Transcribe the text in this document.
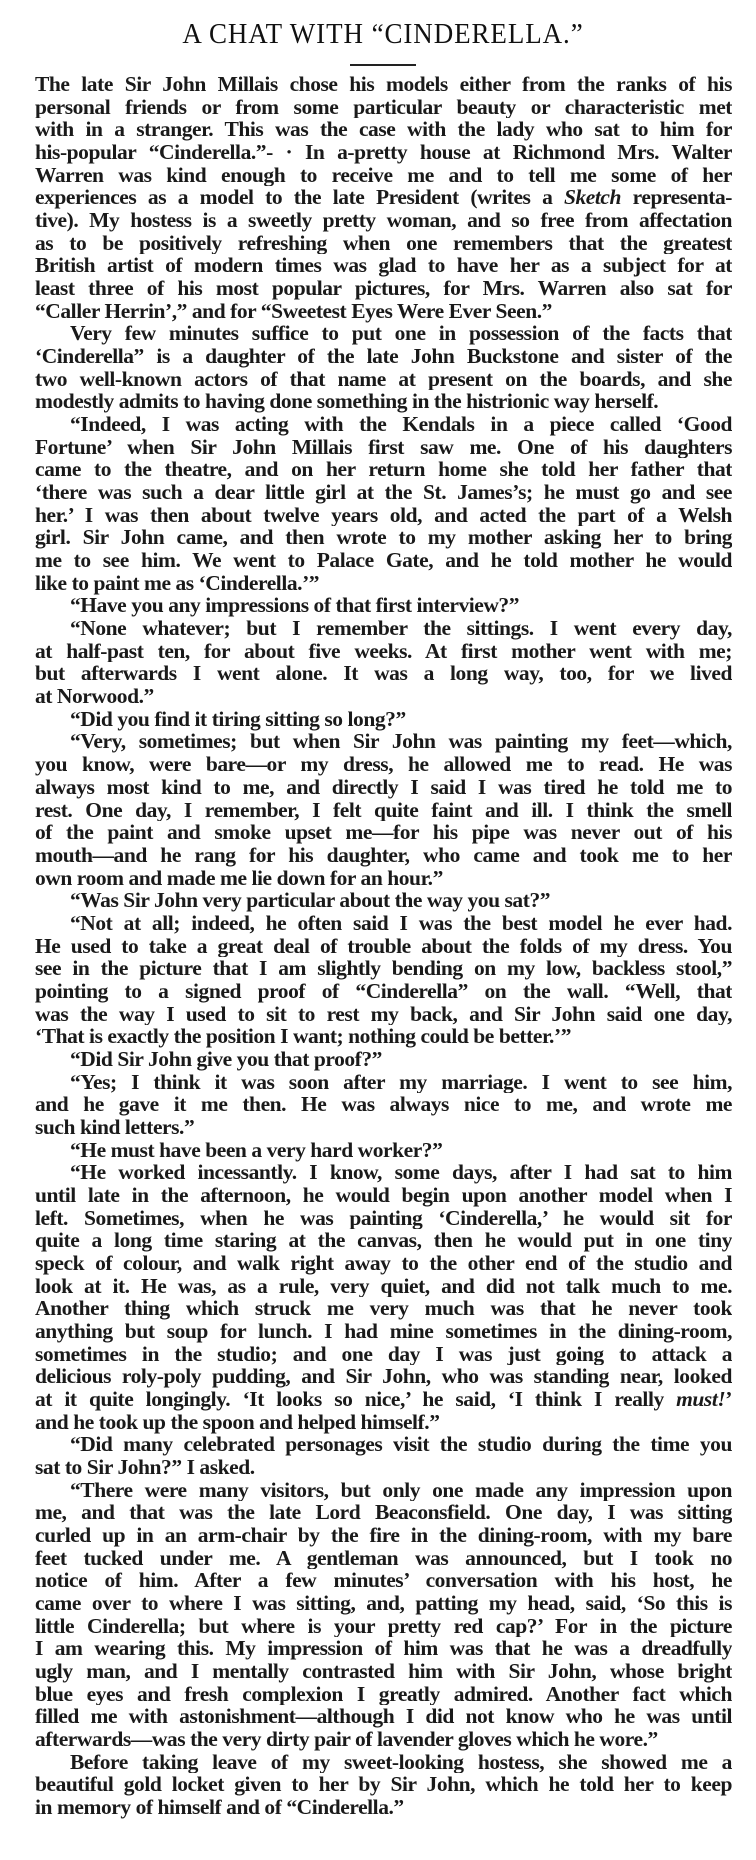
A CHAT WITH “CINDERELLA.”
The late Sir John Millais chose his models either from the ranks of his
personal friends or from some particular beauty or characteristic met
with in a stranger. This was the case with the lady who sat to him for
his-popular “Cinderella.”- · In a-pretty house at Richmond Mrs. Walter
Warren was kind enough to receive me and to tell me some of her
experiences as a model to the late President (writes a Sketch representa-
tive). My hostess is a sweetly pretty woman, and so free from affectation
as to be positively refreshing when one remembers that the greatest
British artist of modern times was glad to have her as a subject for at
least three of his most popular pictures, for Mrs. Warren also sat for
“Caller Herrin’,” and for “Sweetest Eyes Were Ever Seen.”
Very few minutes suffice to put one in possession of the facts that
‘Cinderella” is a daughter of the late John Buckstone and sister of the
two well-known actors of that name at present on the boards, and she
modestly admits to having done something in the histrionic way herself.
“Indeed, I was acting with the Kendals in a piece called ‘Good
Fortune’ when Sir John Millais first saw me. One of his daughters
came to the theatre, and on her return home she told her father that
‘there was such a dear little girl at the St. James’s; he must go and see
her.’ I was then about twelve years old, and acted the part of a Welsh
girl. Sir John came, and then wrote to my mother asking her to bring
me to see him. We went to Palace Gate, and he told mother he would
like to paint me as ‘Cinderella.’”
“Have you any impressions of that first interview?”
“None whatever; but I remember the sittings. I went every day,
at half-past ten, for about five weeks. At first mother went with me;
but afterwards I went alone. It was a long way, too, for we lived
at Norwood.”
“Did you find it tiring sitting so long?”
“Very, sometimes; but when Sir John was painting my feet—which,
you know, were bare—or my dress, he allowed me to read. He was
always most kind to me, and directly I said I was tired he told me to
rest. One day, I remember, I felt quite faint and ill. I think the smell
of the paint and smoke upset me—for his pipe was never out of his
mouth—and he rang for his daughter, who came and took me to her
own room and made me lie down for an hour.”
“Was Sir John very particular about the way you sat?”
“Not at all; indeed, he often said I was the best model he ever had.
He used to take a great deal of trouble about the folds of my dress. You
see in the picture that I am slightly bending on my low, backless stool,”
pointing to a signed proof of “Cinderella” on the wall. “Well, that
was the way I used to sit to rest my back, and Sir John said one day,
‘That is exactly the position I want; nothing could be better.’”
“Did Sir John give you that proof?”
“Yes; I think it was soon after my marriage. I went to see him,
and he gave it me then. He was always nice to me, and wrote me
such kind letters.”
“He must have been a very hard worker?”
“He worked incessantly. I know, some days, after I had sat to him
until late in the afternoon, he would begin upon another model when I
left. Sometimes, when he was painting ‘Cinderella,’ he would sit for
quite a long time staring at the canvas, then he would put in one tiny
speck of colour, and walk right away to the other end of the studio and
look at it. He was, as a rule, very quiet, and did not talk much to me.
Another thing which struck me very much was that he never took
anything but soup for lunch. I had mine sometimes in the dining-room,
sometimes in the studio; and one day I was just going to attack a
delicious roly-poly pudding, and Sir John, who was standing near, looked
at it quite longingly. ‘It looks so nice,’ he said, ‘I think I really must!’
and he took up the spoon and helped himself.”
“Did many celebrated personages visit the studio during the time you
sat to Sir John?” I asked.
“There were many visitors, but only one made any impression upon
me, and that was the late Lord Beaconsfield. One day, I was sitting
curled up in an arm-chair by the fire in the dining-room, with my bare
feet tucked under me. A gentleman was announced, but I took no
notice of him. After a few minutes’ conversation with his host, he
came over to where I was sitting, and, patting my head, said, ‘So this is
little Cinderella; but where is your pretty red cap?’ For in the picture
I am wearing this. My impression of him was that he was a dreadfully
ugly man, and I mentally contrasted him with Sir John, whose bright
blue eyes and fresh complexion I greatly admired. Another fact which
filled me with astonishment—although I did not know who he was until
afterwards—was the very dirty pair of lavender gloves which he wore.”
Before taking leave of my sweet-looking hostess, she showed me a
beautiful gold locket given to her by Sir John, which he told her to keep
in memory of himself and of “Cinderella.”
